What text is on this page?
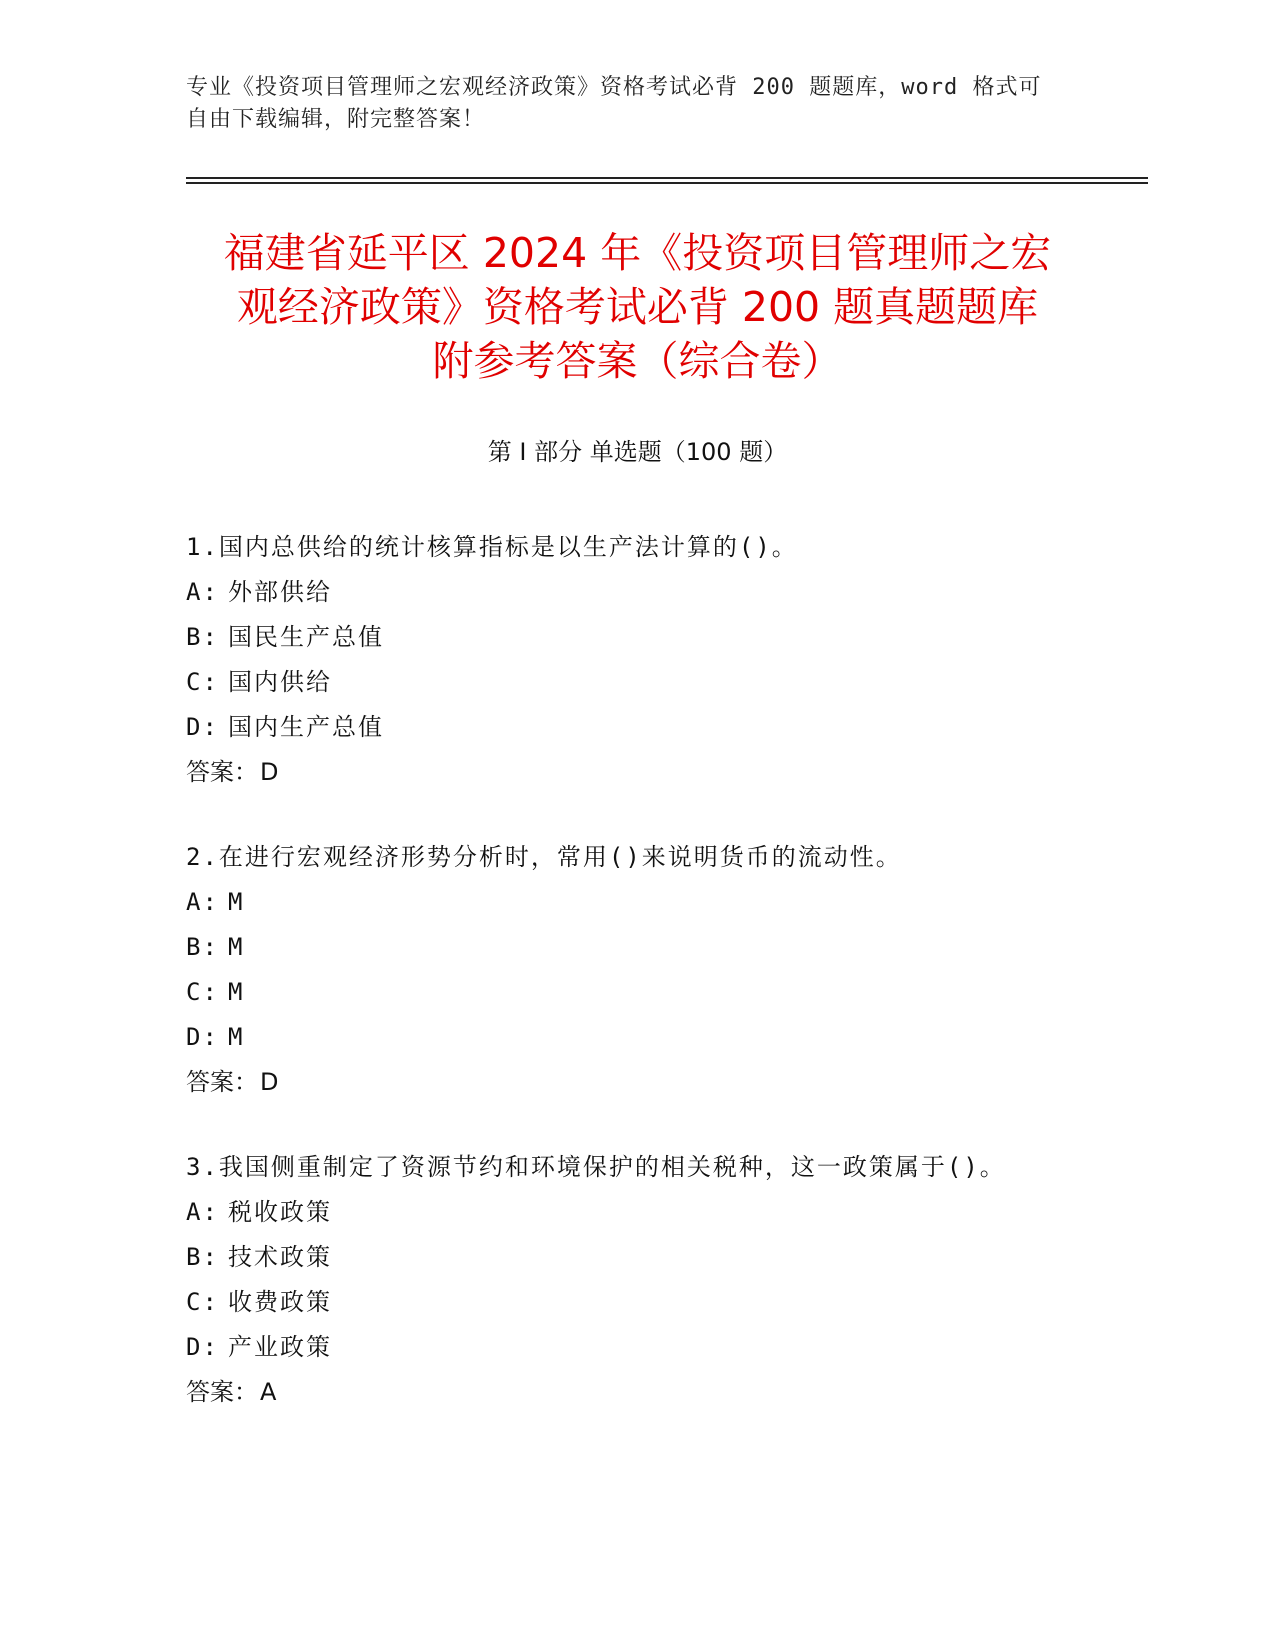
专业《投资项目管理师之宏观经济政策》资格考试必背 200 题题库，word 格式可
自由下载编辑，附完整答案！
福建省延平区 2024 年《投资项目管理师之宏
观经济政策》资格考试必背 200 题真题题库
附参考答案（综合卷）
第 I 部分 单选题（100 题）

1.国内总供给的统计核算指标是以生产法计算的()。

A: 外部供给
B: 国民生产总值
C: 国内供给
D: 国内生产总值
答案：D

2.在进行宏观经济形势分析时，常用()来说明货币的流动性。

A: M
B: M
C: M
D: M
答案：D

3.我国侧重制定了资源节约和环境保护的相关税种，这一政策属于()。

A: 税收政策
B: 技术政策
C: 收费政策
D: 产业政策
答案：A
